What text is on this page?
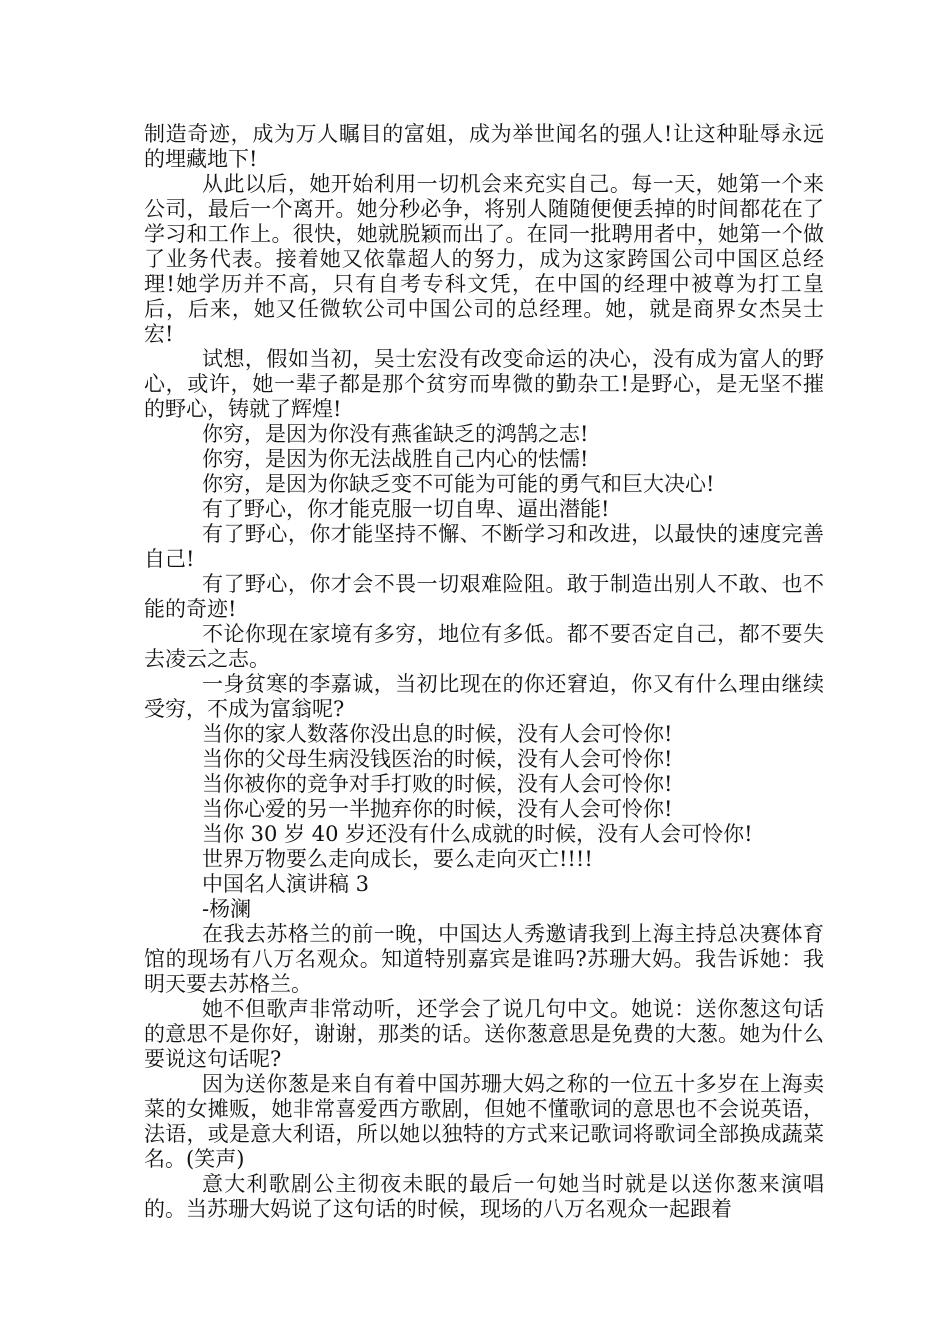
制造奇迹，成为万人瞩目的富姐，成为举世闻名的强人!让这种耻辱永远的埋藏地下!

从此以后，她开始利用一切机会来充实自己。每一天，她第一个来公司，最后一个离开。她分秒必争，将别人随随便便丢掉的时间都花在了学习和工作上。很快，她就脱颖而出了。在同一批聘用者中，她第一个做了业务代表。接着她又依靠超人的努力，成为这家跨国公司中国区总经理!她学历并不高，只有自考专科文凭，在中国的经理中被尊为打工皇后，后来，她又任微软公司中国公司的总经理。她，就是商界女杰吴士宏!

试想，假如当初，吴士宏没有改变命运的决心，没有成为富人的野心，或许，她一辈子都是那个贫穷而卑微的勤杂工!是野心，是无坚不摧的野心，铸就了辉煌!

你穷，是因为你没有燕雀缺乏的鸿鹄之志!

你穷，是因为你无法战胜自己内心的怯懦!

你穷，是因为你缺乏变不可能为可能的勇气和巨大决心!

有了野心，你才能克服一切自卑、逼出潜能!

有了野心，你才能坚持不懈、不断学习和改进，以最快的速度完善自己!

有了野心，你才会不畏一切艰难险阻。敢于制造出别人不敢、也不能的奇迹!

不论你现在家境有多穷，地位有多低。都不要否定自己，都不要失去凌云之志。

一身贫寒的李嘉诚，当初比现在的你还窘迫，你又有什么理由继续受穷，不成为富翁呢?

当你的家人数落你没出息的时候，没有人会可怜你!

当你的父母生病没钱医治的时候，没有人会可怜你!

当你被你的竞争对手打败的时候，没有人会可怜你!

当你心爱的另一半抛弃你的时候，没有人会可怜你!

当你 30 岁 40 岁还没有什么成就的时候，没有人会可怜你!

世界万物要么走向成长，要么走向灭亡!!!!

中国名人演讲稿 3

-杨澜

在我去苏格兰的前一晚，中国达人秀邀请我到上海主持总决赛体育馆的现场有八万名观众。知道特别嘉宾是谁吗?苏珊大妈。我告诉她：我明天要去苏格兰。

她不但歌声非常动听，还学会了说几句中文。她说：送你葱这句话的意思不是你好，谢谢，那类的话。送你葱意思是免费的大葱。她为什么要说这句话呢?

因为送你葱是来自有着中国苏珊大妈之称的一位五十多岁在上海卖菜的女摊贩，她非常喜爱西方歌剧，但她不懂歌词的意思也不会说英语，法语，或是意大利语，所以她以独特的方式来记歌词将歌词全部换成蔬菜名。(笑声)

意大利歌剧公主彻夜未眠的最后一句她当时就是以送你葱来演唱的。当苏珊大妈说了这句话的时候，现场的八万名观众一起跟着
